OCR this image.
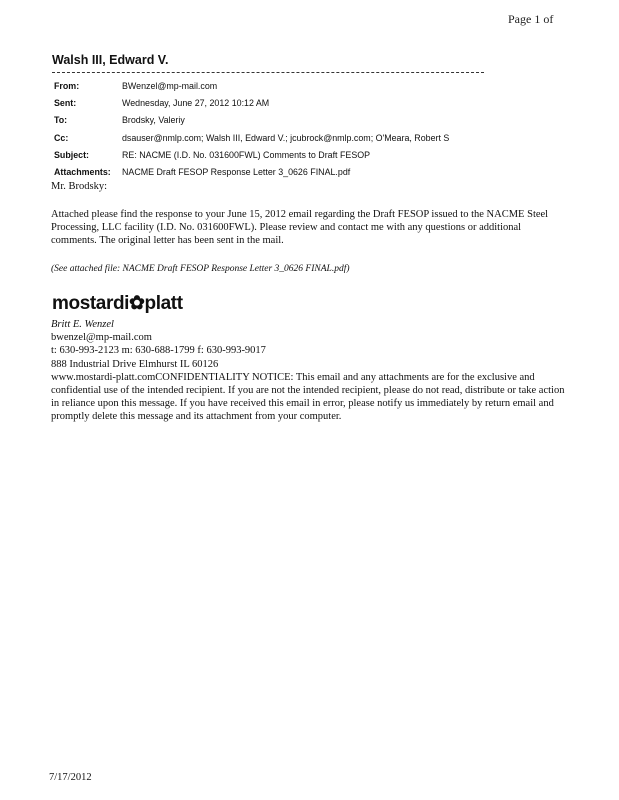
Page 1 of
Walsh III, Edward V.
From:	BWenzel@mp-mail.com
Sent:	Wednesday, June 27, 2012 10:12 AM
To:	Brodsky, Valeriy
Cc:	dsauser@nmlp.com; Walsh III, Edward V.; jcubrock@nmlp.com; O'Meara, Robert S
Subject:	RE: NACME (I.D. No. 031600FWL) Comments to Draft FESOP
Attachments:	NACME Draft FESOP Response Letter 3_0626 FINAL.pdf
Mr. Brodsky:
Attached please find the response to your June 15, 2012 email regarding the Draft FESOP issued to the NACME Steel Processing, LLC facility (I.D. No. 031600FWL). Please review and contact me with any questions or additional comments. The original letter has been sent in the mail.
(See attached file: NACME Draft FESOP Response Letter 3_0626 FINAL.pdf)
mostardi✿platt
Britt E. Wenzel
bwenzel@mp-mail.com
t: 630-993-2123 m: 630-688-1799 f: 630-993-9017
888 Industrial Drive Elmhurst IL 60126
www.mostardi-platt.comCONFIDENTIALITY NOTICE: This email and any attachments are for the exclusive and confidential use of the intended recipient. If you are not the intended recipient, please do not read, distribute or take action in reliance upon this message. If you have received this email in error, please notify us immediately by return email and promptly delete this message and its attachment from your computer.
7/17/2012
